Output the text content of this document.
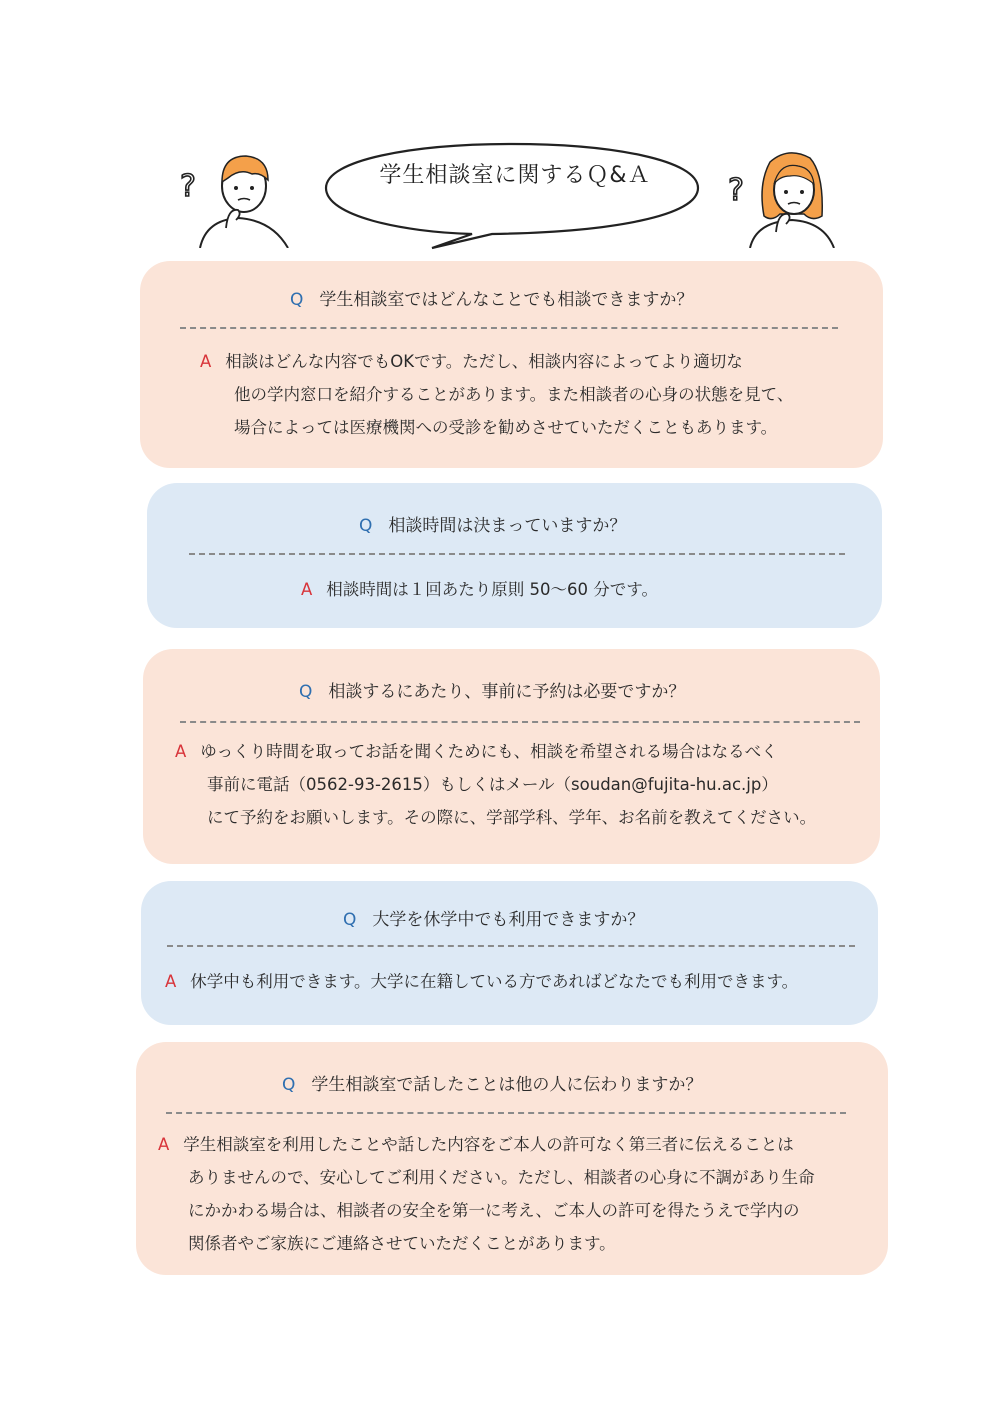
?	学生相談室に関するＱ&Ａ	?
Q 学生相談室ではどんなことでも相談できますか？
A 相談はどんな内容でもOKです。ただし、相談内容によってより適切な
他の学内窓口を紹介することがあります。また相談者の心身の状態を見て、
場合によっては医療機関への受診を勧めさせていただくこともあります。
Q 相談時間は決まっていますか？
A 相談時間は１回あたり原則 50～60 分です。
Q 相談するにあたり、事前に予約は必要ですか？
A ゆっくり時間を取ってお話を聞くためにも、相談を希望される場合はなるべく
事前に電話（0562-93-2615）もしくはメール（soudan@fujita-hu.ac.jp）
にて予約をお願いします。その際に、学部学科、学年、お名前を教えてください。
Q 大学を休学中でも利用できますか？
A 休学中も利用できます。大学に在籍している方であればどなたでも利用できます。
Q 学生相談室で話したことは他の人に伝わりますか？
A 学生相談室を利用したことや話した内容をご本人の許可なく第三者に伝えることは
ありませんので、安心してご利用ください。ただし、相談者の心身に不調があり生命
にかかわる場合は、相談者の安全を第一に考え、ご本人の許可を得たうえで学内の
関係者やご家族にご連絡させていただくことがあります。
